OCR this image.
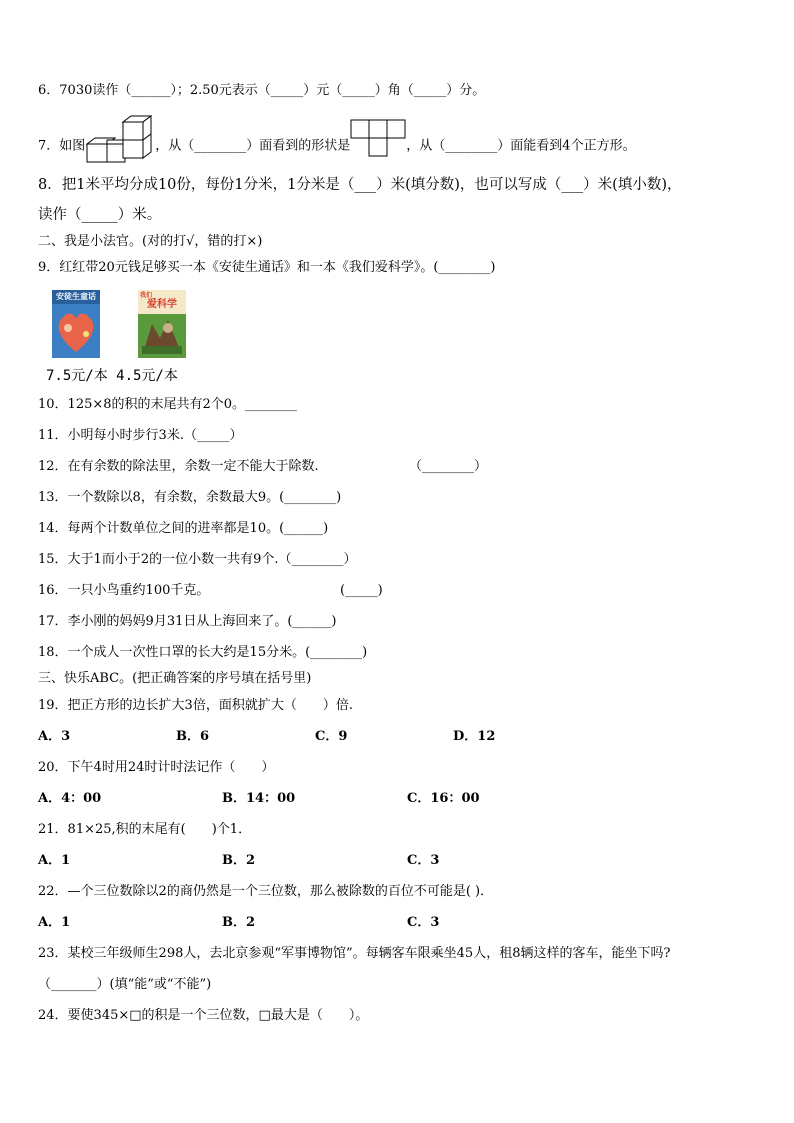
6．7030读作（______）；2.50元表示（_____）元（_____）角（_____）分。
7．如图	，从（________）面看到的形状是	，从（________）面能看到4个正方形。
8．把1米平均分成10份，每份1分米，1分米是（___）米(填分数)，也可以写成（___）米(填小数)，
读作（_____）米。
二、我是小法官。(对的打√，错的打×)
9．红红带20元钱足够买一本《安徒生通话》和一本《我们爱科学》。(________)
安徒生童话	我们
爱科学
7.5元/本 4.5元/本
10．125×8的积的末尾共有2个0。________
11．小明每小时步行3米.（_____）
12．在有余数的除法里，余数一定不能大于除数.	（________）
13．一个数除以8，有余数，余数最大9。(________)
14．每两个计数单位之间的进率都是10。(______)
15．大于1而小于2的一位小数一共有9个.（________）
16．一只小鸟重约100千克。	(_____)
17．李小刚的妈妈9月31日从上海回来了。(______)
18．一个成人一次性口罩的长大约是15分米。(________)
三、快乐ABC。(把正确答案的序号填在括号里)
19．把正方形的边长扩大3倍，面积就扩大（　　）倍.
A．3	B．6	C．9	D．12
20．下午4时用24时计时法记作（　　）
A．4：00	B．14：00	C．16：00
21．81×25,积的末尾有(　　)个1．
A．1	B．2	C．3
22．—个三位数除以2的商仍然是一个三位数，那么被除数的百位不可能是( )．
A．1	B．2	C．3
23．某校三年级师生298人，去北京参观“军事博物馆”。每辆客车限乘坐45人，租8辆这样的客车，能坐下吗?
（_______）(填“能”或“不能”)
24．要使345×□的积是一个三位数，□最大是（　　）。
